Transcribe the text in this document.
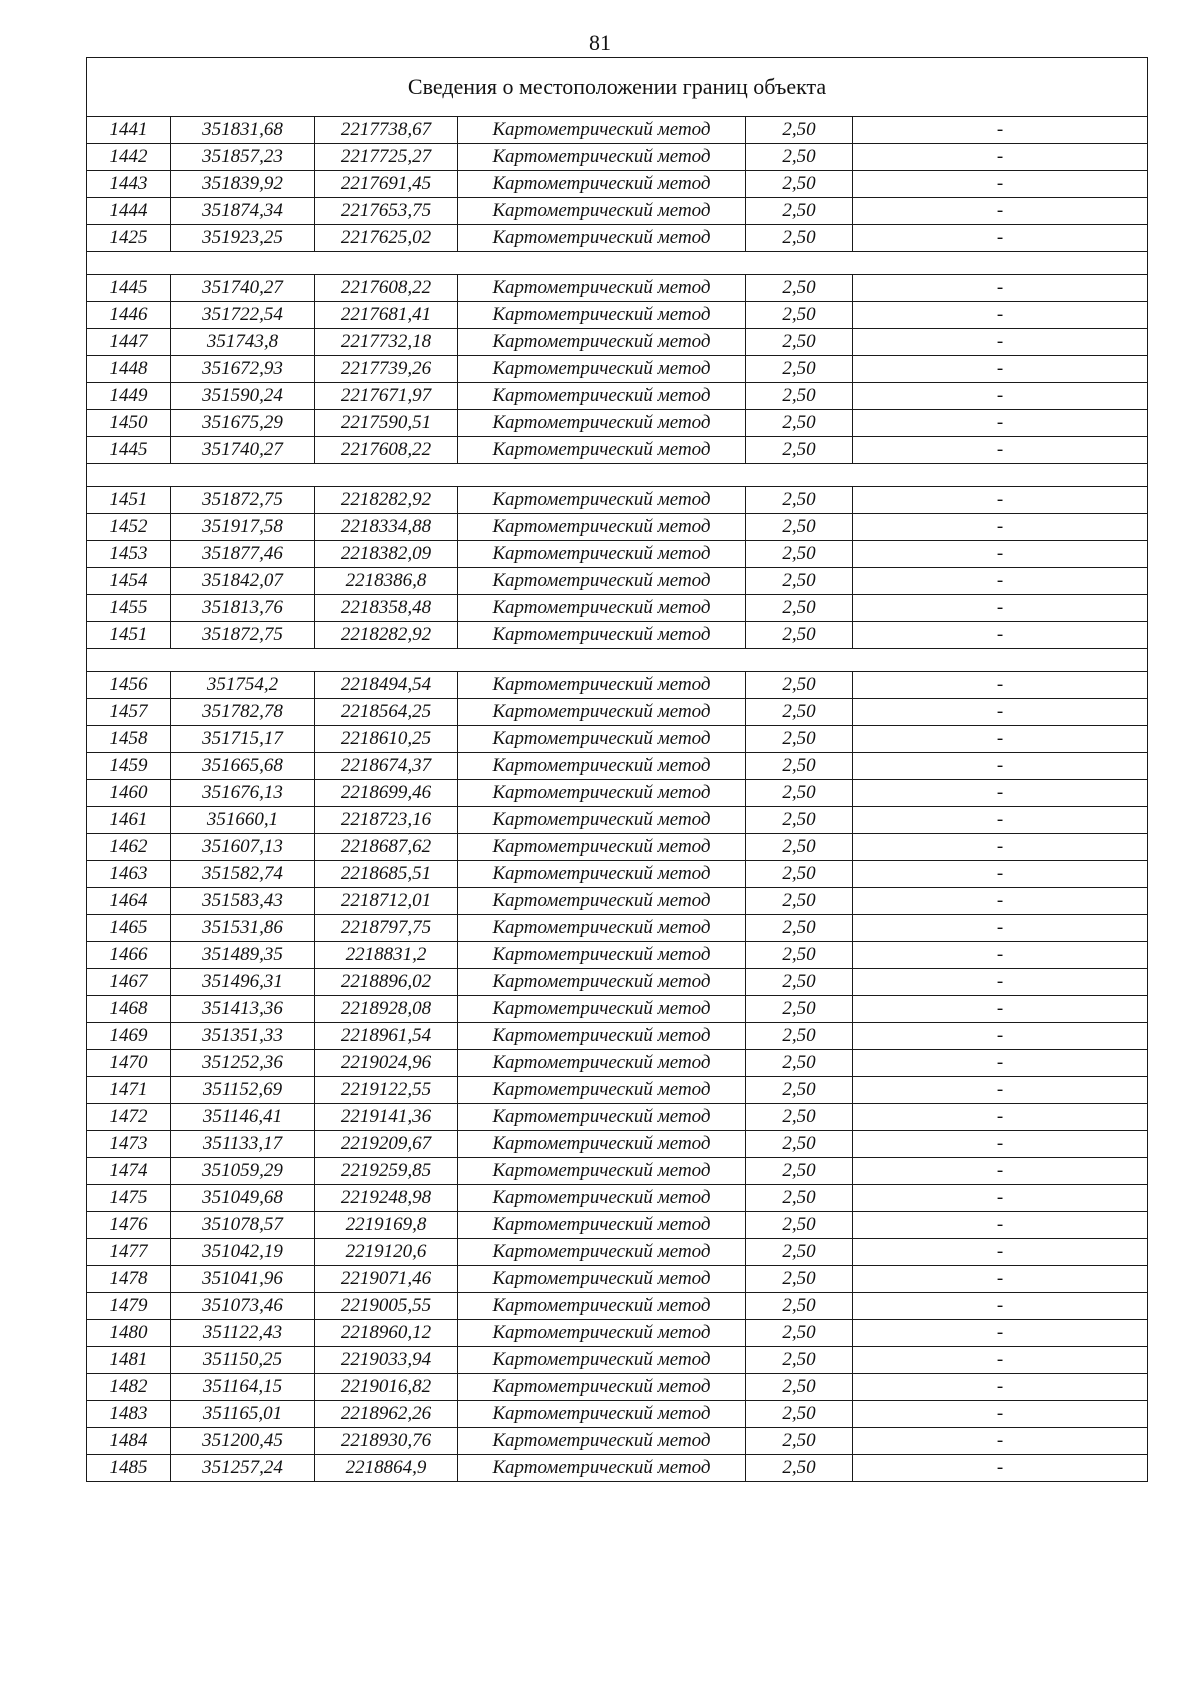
81
Сведения о местоположении границ объекта					
1441	351831,68	2217738,67	Картометрический метод	2,50	-
1442	351857,23	2217725,27	Картометрический метод	2,50	-
1443	351839,92	2217691,45	Картометрический метод	2,50	-
1444	351874,34	2217653,75	Картометрический метод	2,50	-
1425	351923,25	2217625,02	Картометрический метод	2,50	-

1445	351740,27	2217608,22	Картометрический метод	2,50	-
1446	351722,54	2217681,41	Картометрический метод	2,50	-
1447	351743,8	2217732,18	Картометрический метод	2,50	-
1448	351672,93	2217739,26	Картометрический метод	2,50	-
1449	351590,24	2217671,97	Картометрический метод	2,50	-
1450	351675,29	2217590,51	Картометрический метод	2,50	-
1445	351740,27	2217608,22	Картометрический метод	2,50	-

1451	351872,75	2218282,92	Картометрический метод	2,50	-
1452	351917,58	2218334,88	Картометрический метод	2,50	-
1453	351877,46	2218382,09	Картометрический метод	2,50	-
1454	351842,07	2218386,8	Картометрический метод	2,50	-
1455	351813,76	2218358,48	Картометрический метод	2,50	-
1451	351872,75	2218282,92	Картометрический метод	2,50	-

1456	351754,2	2218494,54	Картометрический метод	2,50	-
1457	351782,78	2218564,25	Картометрический метод	2,50	-
1458	351715,17	2218610,25	Картометрический метод	2,50	-
1459	351665,68	2218674,37	Картометрический метод	2,50	-
1460	351676,13	2218699,46	Картометрический метод	2,50	-
1461	351660,1	2218723,16	Картометрический метод	2,50	-
1462	351607,13	2218687,62	Картометрический метод	2,50	-
1463	351582,74	2218685,51	Картометрический метод	2,50	-
1464	351583,43	2218712,01	Картометрический метод	2,50	-
1465	351531,86	2218797,75	Картометрический метод	2,50	-
1466	351489,35	2218831,2	Картометрический метод	2,50	-
1467	351496,31	2218896,02	Картометрический метод	2,50	-
1468	351413,36	2218928,08	Картометрический метод	2,50	-
1469	351351,33	2218961,54	Картометрический метод	2,50	-
1470	351252,36	2219024,96	Картометрический метод	2,50	-
1471	351152,69	2219122,55	Картометрический метод	2,50	-
1472	351146,41	2219141,36	Картометрический метод	2,50	-
1473	351133,17	2219209,67	Картометрический метод	2,50	-
1474	351059,29	2219259,85	Картометрический метод	2,50	-
1475	351049,68	2219248,98	Картометрический метод	2,50	-
1476	351078,57	2219169,8	Картометрический метод	2,50	-
1477	351042,19	2219120,6	Картометрический метод	2,50	-
1478	351041,96	2219071,46	Картометрический метод	2,50	-
1479	351073,46	2219005,55	Картометрический метод	2,50	-
1480	351122,43	2218960,12	Картометрический метод	2,50	-
1481	351150,25	2219033,94	Картометрический метод	2,50	-
1482	351164,15	2219016,82	Картометрический метод	2,50	-
1483	351165,01	2218962,26	Картометрический метод	2,50	-
1484	351200,45	2218930,76	Картометрический метод	2,50	-
1485	351257,24	2218864,9	Картометрический метод	2,50	-
